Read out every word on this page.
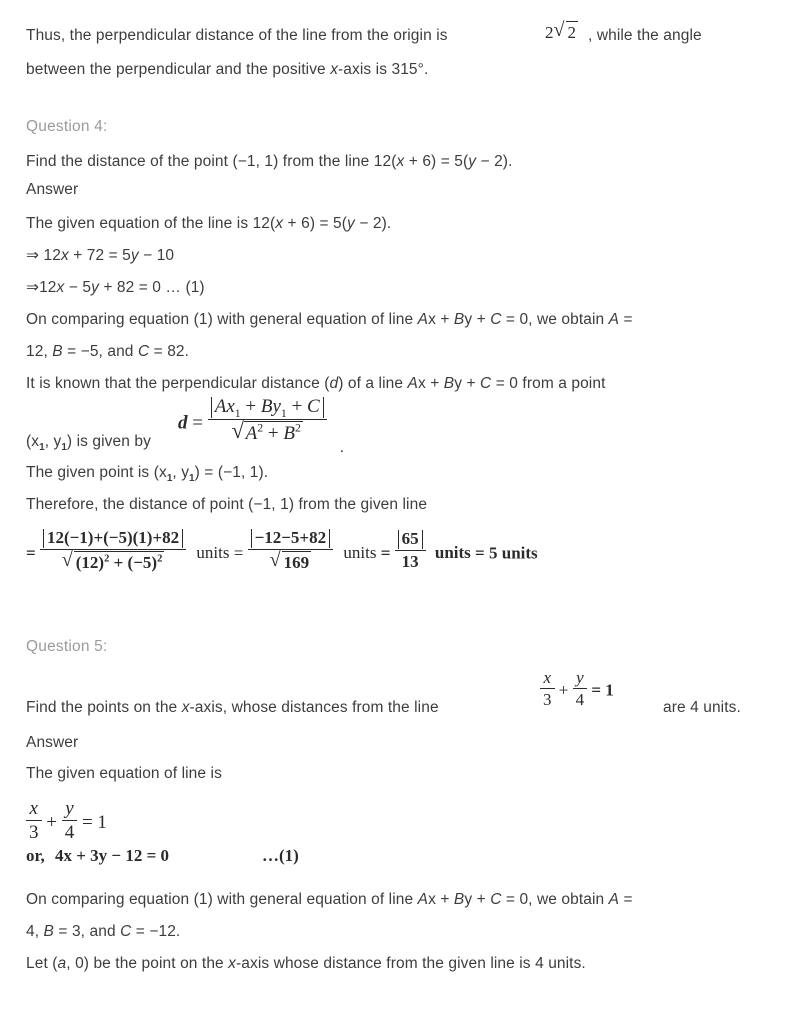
Thus, the perpendicular distance of the line from the origin is	2 √ 2 , while the angle
between the perpendicular and the positive x-axis is 315°.
Question 4:
Find the distance of the point (−1, 1) from the line 12(x + 6) = 5(y − 2).
Answer
The given equation of the line is 12(x + 6) = 5(y − 2).
⇒ 12x + 72 = 5y − 10
⇒12x − 5y + 82 = 0 … (1)
On comparing equation (1) with general equation of line Ax + By + C = 0, we obtain A =
12, B = −5, and C = 82.
It is known that the perpendicular distance (d) of a line Ax + By + C = 0 from a point
$d = Ax_1 + By_1 + C$
√ $A^2 + B^2$
($x_1$, $y_1$) is given by	.
The given point is ($x_1$, $y_1) = (-1$, 1).
Therefore, the distance of point (−1, 1) from the given line
= 12(−1)+(−5)(1)+82
√ $(12)^2 + (-5)^2$ units = −12−5+82
√ 169 units = $\frac{65}{13}$ units = 5 units
Question 5:
Find the points on the x-axis, whose distances from the line	$\frac{x}{3} + \frac{y}{4} = 1$
are 4 units.
Answer
The given equation of line is
$\frac{x}{3} + \frac{y}{4} = 1$
or, 4x + 3y − 12 = 0	…(1)
On comparing equation (1) with general equation of line Ax + By + C = 0, we obtain A =
4, B = 3, and C = −12.
Let (a, 0) be the point on the x-axis whose distance from the given line is 4 units.
